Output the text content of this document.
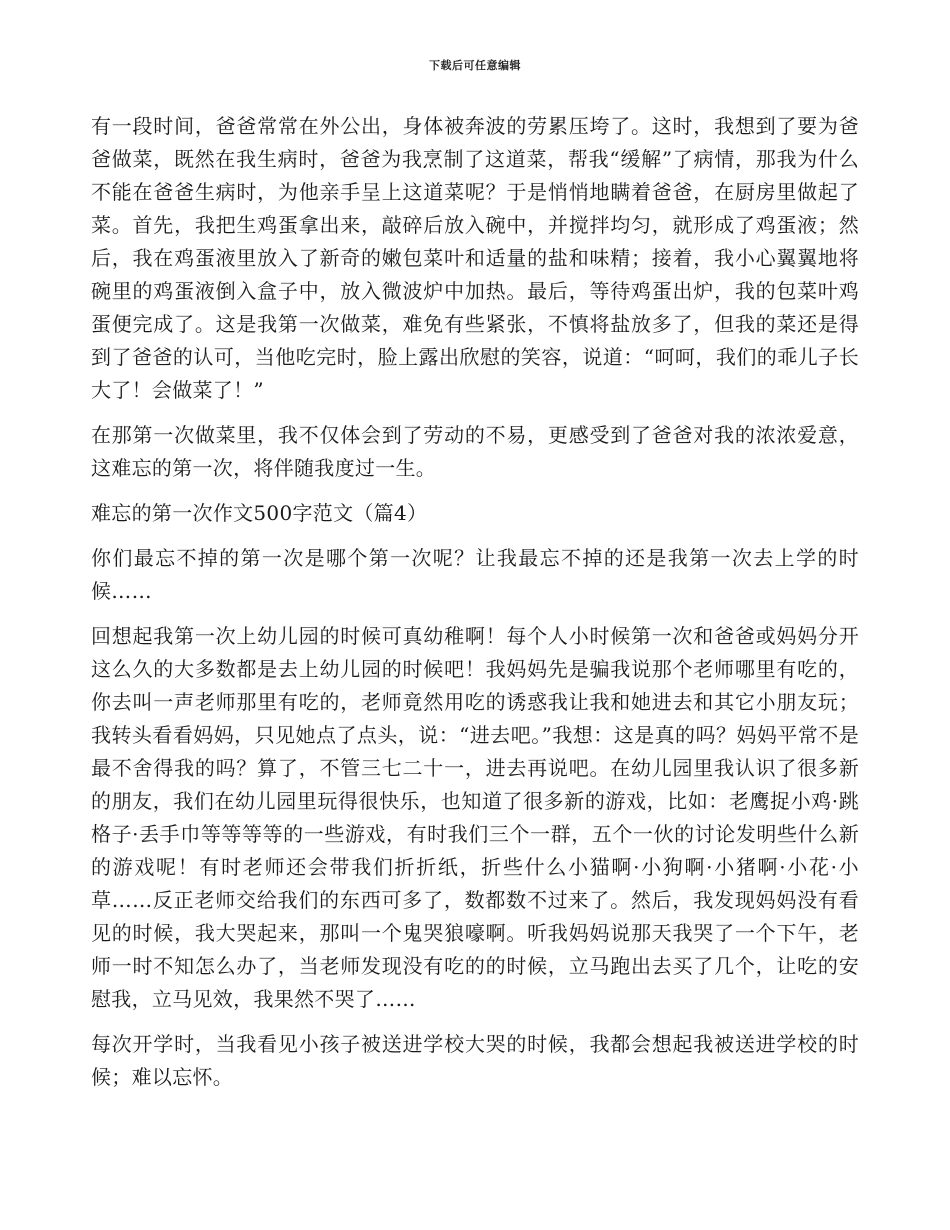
下载后可任意编辑

有一段时间，爸爸常常在外公出，身体被奔波的劳累压垮了。这时，我想到了要为爸爸做菜，既然在我生病时，爸爸为我烹制了这道菜，帮我“缓解”了病情，那我为什么不能在爸爸生病时，为他亲手呈上这道菜呢？于是悄悄地瞒着爸爸，在厨房里做起了菜。首先，我把生鸡蛋拿出来，敲碎后放入碗中，并搅拌均匀，就形成了鸡蛋液；然后，我在鸡蛋液里放入了新奇的嫩包菜叶和适量的盐和味精；接着，我小心翼翼地将碗里的鸡蛋液倒入盒子中，放入微波炉中加热。最后，等待鸡蛋出炉，我的包菜叶鸡蛋便完成了。这是我第一次做菜，难免有些紧张，不慎将盐放多了，但我的菜还是得到了爸爸的认可，当他吃完时，脸上露出欣慰的笑容，说道：“呵呵，我们的乖儿子长大了！会做菜了！”

在那第一次做菜里，我不仅体会到了劳动的不易，更感受到了爸爸对我的浓浓爱意，这难忘的第一次，将伴随我度过一生。

难忘的第一次作文500字范文（篇4）

你们最忘不掉的第一次是哪个第一次呢？让我最忘不掉的还是我第一次去上学的时候……

回想起我第一次上幼儿园的时候可真幼稚啊！每个人小时候第一次和爸爸或妈妈分开这么久的大多数都是去上幼儿园的时候吧！我妈妈先是骗我说那个老师哪里有吃的，你去叫一声老师那里有吃的，老师竟然用吃的诱惑我让我和她进去和其它小朋友玩；我转头看看妈妈，只见她点了点头，说：“进去吧。”我想：这是真的吗？妈妈平常不是最不舍得我的吗？算了，不管三七二十一，进去再说吧。在幼儿园里我认识了很多新的朋友，我们在幼儿园里玩得很快乐，也知道了很多新的游戏，比如：老鹰捉小鸡·跳格子·丢手巾等等等等的一些游戏，有时我们三个一群，五个一伙的讨论发明些什么新的游戏呢！有时老师还会带我们折折纸，折些什么小猫啊·小狗啊·小猪啊·小花·小草……反正老师交给我们的东西可多了，数都数不过来了。然后，我发现妈妈没有看见的时候，我大哭起来，那叫一个鬼哭狼嚎啊。听我妈妈说那天我哭了一个下午，老师一时不知怎么办了，当老师发现没有吃的的时候，立马跑出去买了几个，让吃的安慰我，立马见效，我果然不哭了……

每次开学时，当我看见小孩子被送进学校大哭的时候，我都会想起我被送进学校的时候；难以忘怀。
